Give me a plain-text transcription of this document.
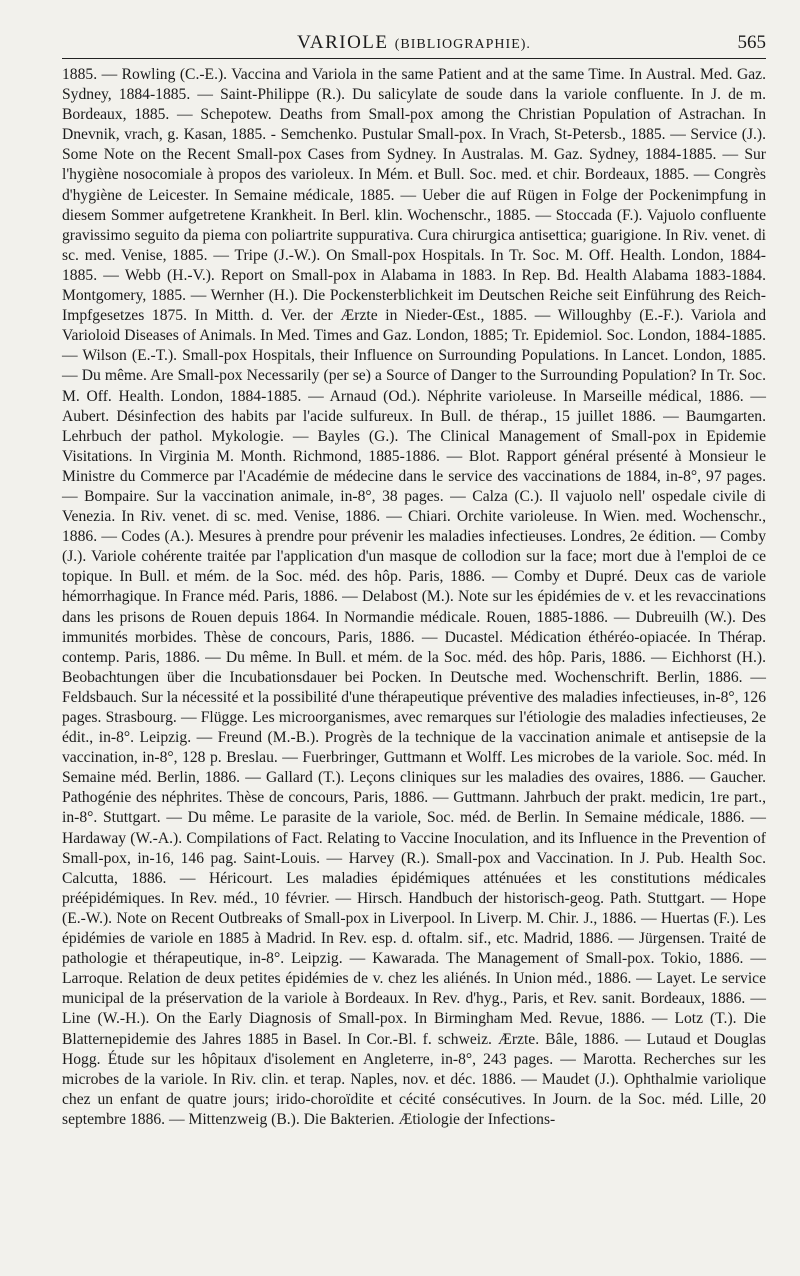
VARIOLE (BIBLIOGRAPHIE).	565

1885. — Rowling (C.-E.). Vaccina and Variola in the same Patient and at the same Time. In Austral. Med. Gaz. Sydney, 1884-1885. — Saint-Philippe (R.). Du salicylate de soude dans la variole confluente. In J. de m. Bordeaux, 1885. — Schepotew. Deaths from Small-pox among the Christian Population of Astrachan. In Dnevnik, vrach, g. Kasan, 1885. - Semchenko. Pustular Small-pox. In Vrach, St-Petersb., 1885. — Service (J.). Some Note on the Recent Small-pox Cases from Sydney. In Australas. M. Gaz. Sydney, 1884-1885. — Sur l'hygiène nosocomiale à propos des varioleux. In Mém. et Bull. Soc. med. et chir. Bordeaux, 1885. — Congrès d'hygiène de Leicester. In Semaine médicale, 1885. — Ueber die auf Rügen in Folge der Pockenimpfung in diesem Sommer aufgetretene Krankheit. In Berl. klin. Wochenschr., 1885. — Stoccada (F.). Vajuolo confluente gravissimo seguito da piema con poliartrite suppurativa. Cura chirurgica antisettica; guarigione. In Riv. venet. di sc. med. Venise, 1885. — Tripe (J.-W.). On Small-pox Hospitals. In Tr. Soc. M. Off. Health. London, 1884-1885. — Webb (H.-V.). Report on Small-pox in Alabama in 1883. In Rep. Bd. Health Alabama 1883-1884. Montgomery, 1885. — Wernher (H.). Die Pockensterblichkeit im Deutschen Reiche seit Einführung des Reich-Impfgesetzes 1875. In Mitth. d. Ver. der Ærzte in Nieder-Œst., 1885. — Willoughby (E.-F.). Variola and Varioloid Diseases of Animals. In Med. Times and Gaz. London, 1885; Tr. Epidemiol. Soc. London, 1884-1885. — Wilson (E.-T.). Small-pox Hospitals, their Influence on Surrounding Populations. In Lancet. London, 1885. — Du même. Are Small-pox Necessarily (per se) a Source of Danger to the Surrounding Population? In Tr. Soc. M. Off. Health. London, 1884-1885. — Arnaud (Od.). Néphrite varioleuse. In Marseille médical, 1886. — Aubert. Désinfection des habits par l'acide sulfureux. In Bull. de thérap., 15 juillet 1886. — Baumgarten. Lehrbuch der pathol. Mykologie. — Bayles (G.). The Clinical Management of Small-pox in Epidemie Visitations. In Virginia M. Month. Richmond, 1885-1886. — Blot. Rapport général présenté à Monsieur le Ministre du Commerce par l'Académie de médecine dans le service des vaccinations de 1884, in-8°, 97 pages. — Bompaire. Sur la vaccination animale, in-8°, 38 pages. — Calza (C.). Il vajuolo nell' ospedale civile di Venezia. In Riv. venet. di sc. med. Venise, 1886. — Chiari. Orchite varioleuse. In Wien. med. Wochenschr., 1886. — Codes (A.). Mesures à prendre pour prévenir les maladies infectieuses. Londres, 2e édition. — Comby (J.). Variole cohérente traitée par l'application d'un masque de collodion sur la face; mort due à l'emploi de ce topique. In Bull. et mém. de la Soc. méd. des hôp. Paris, 1886. — Comby et Dupré. Deux cas de variole hémorrhagique. In France méd. Paris, 1886. — Delabost (M.). Note sur les épidémies de v. et les revaccinations dans les prisons de Rouen depuis 1864. In Normandie médicale. Rouen, 1885-1886. — Dubreuilh (W.). Des immunités morbides. Thèse de concours, Paris, 1886. — Ducastel. Médication éthéréo-opiacée. In Thérap. contemp. Paris, 1886. — Du même. In Bull. et mém. de la Soc. méd. des hôp. Paris, 1886. — Eichhorst (H.). Beobachtungen über die Incubationsdauer bei Pocken. In Deutsche med. Wochenschrift. Berlin, 1886. — Feldsbauch. Sur la nécessité et la possibilité d'une thérapeutique préventive des maladies infectieuses, in-8°, 126 pages. Strasbourg. — Flügge. Les microorganismes, avec remarques sur l'étiologie des maladies infectieuses, 2e édit., in-8°. Leipzig. — Freund (M.-B.). Progrès de la technique de la vaccination animale et antisepsie de la vaccination, in-8°, 128 p. Breslau. — Fuerbringer, Guttmann et Wolff. Les microbes de la variole. Soc. méd. In Semaine méd. Berlin, 1886. — Gallard (T.). Leçons cliniques sur les maladies des ovaires, 1886. — Gaucher. Pathogénie des néphrites. Thèse de concours, Paris, 1886. — Guttmann. Jahrbuch der prakt. medicin, 1re part., in-8°. Stuttgart. — Du même. Le parasite de la variole, Soc. méd. de Berlin. In Semaine médicale, 1886. — Hardaway (W.-A.). Compilations of Fact. Relating to Vaccine Inoculation, and its Influence in the Prevention of Small-pox, in-16, 146 pag. Saint-Louis. — Harvey (R.). Small-pox and Vaccination. In J. Pub. Health Soc. Calcutta, 1886. — Héricourt. Les maladies épidémiques atténuées et les constitutions médicales préépidémiques. In Rev. méd., 10 février. — Hirsch. Handbuch der historisch-geog. Path. Stuttgart. — Hope (E.-W.). Note on Recent Outbreaks of Small-pox in Liverpool. In Liverp. M. Chir. J., 1886. — Huertas (F.). Les épidémies de variole en 1885 à Madrid. In Rev. esp. d. oftalm. sif., etc. Madrid, 1886. — Jürgensen. Traité de pathologie et thérapeutique, in-8°. Leipzig. — Kawarada. The Management of Small-pox. Tokio, 1886. — Larroque. Relation de deux petites épidémies de v. chez les aliénés. In Union méd., 1886. — Layet. Le service municipal de la préservation de la variole à Bordeaux. In Rev. d'hyg., Paris, et Rev. sanit. Bordeaux, 1886. — Line (W.-H.). On the Early Diagnosis of Small-pox. In Birmingham Med. Revue, 1886. — Lotz (T.). Die Blatternepidemie des Jahres 1885 in Basel. In Cor.-Bl. f. schweiz. Ærzte. Bâle, 1886. — Lutaud et Douglas Hogg. Étude sur les hôpitaux d'isolement en Angleterre, in-8°, 243 pages. — Marotta. Recherches sur les microbes de la variole. In Riv. clin. et terap. Naples, nov. et déc. 1886. — Maudet (J.). Ophthalmie variolique chez un enfant de quatre jours; irido-choroïdite et cécité consécutives. In Journ. de la Soc. méd. Lille, 20 septembre 1886. — Mittenzweig (B.). Die Bakterien. Ætiologie der Infections-
